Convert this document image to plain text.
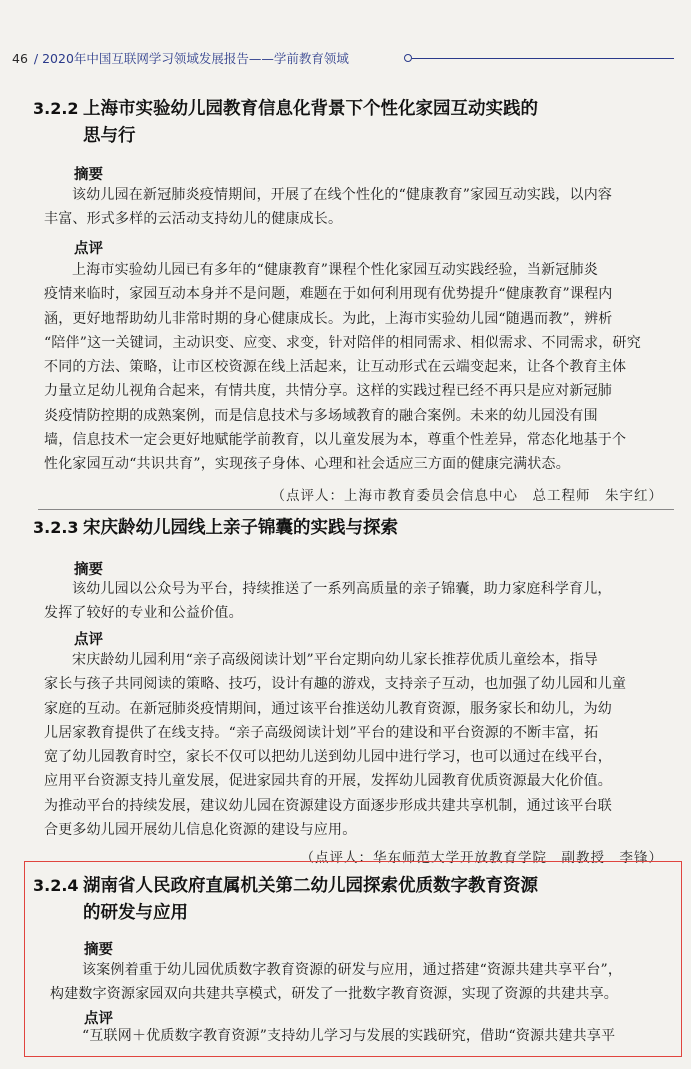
46 / 2020年中国互联网学习领域发展报告——学前教育领域
3.2.2 上海市实验幼儿园教育信息化背景下个性化家园互动实践的
思与行
摘要
该幼儿园在新冠肺炎疫情期间，开展了在线个性化的“健康教育”家园互动实践，以内容
丰富、形式多样的云活动支持幼儿的健康成长。
点评
上海市实验幼儿园已有多年的“健康教育”课程个性化家园互动实践经验，当新冠肺炎
疫情来临时，家园互动本身并不是问题，难题在于如何利用现有优势提升“健康教育”课程内
涵，更好地帮助幼儿非常时期的身心健康成长。为此，上海市实验幼儿园“随遇而教”，辨析
“陪伴”这一关键词，主动识变、应变、求变，针对陪伴的相同需求、相似需求、不同需求，研究
不同的方法、策略，让市区校资源在线上活起来，让互动形式在云端变起来，让各个教育主体
力量立足幼儿视角合起来，有情共度，共情分享。这样的实践过程已经不再只是应对新冠肺
炎疫情防控期的成熟案例，而是信息技术与多场域教育的融合案例。未来的幼儿园没有围
墙，信息技术一定会更好地赋能学前教育，以儿童发展为本，尊重个性差异，常态化地基于个
性化家园互动“共识共育”，实现孩子身体、心理和社会适应三方面的健康完满状态。
（点评人：上海市教育委员会信息中心　总工程师　朱宇红）
3.2.3 宋庆龄幼儿园线上亲子锦囊的实践与探索
摘要
该幼儿园以公众号为平台，持续推送了一系列高质量的亲子锦囊，助力家庭科学育儿，
发挥了较好的专业和公益价值。
点评
宋庆龄幼儿园利用“亲子高级阅读计划”平台定期向幼儿家长推荐优质儿童绘本，指导
家长与孩子共同阅读的策略、技巧，设计有趣的游戏，支持亲子互动，也加强了幼儿园和儿童
家庭的互动。在新冠肺炎疫情期间，通过该平台推送幼儿教育资源，服务家长和幼儿，为幼
儿居家教育提供了在线支持。“亲子高级阅读计划”平台的建设和平台资源的不断丰富，拓
宽了幼儿园教育时空，家长不仅可以把幼儿送到幼儿园中进行学习，也可以通过在线平台，
应用平台资源支持儿童发展，促进家园共育的开展，发挥幼儿园教育优质资源最大化价值。
为推动平台的持续发展，建议幼儿园在资源建设方面逐步形成共建共享机制，通过该平台联
合更多幼儿园开展幼儿信息化资源的建设与应用。
（点评人：华东师范大学开放教育学院　副教授　李锋）
3.2.4 湖南省人民政府直属机关第二幼儿园探索优质数字教育资源
的研发与应用
摘要
该案例着重于幼儿园优质数字教育资源的研发与应用，通过搭建“资源共建共享平台”，
构建数字资源家园双向共建共享模式，研发了一批数字教育资源，实现了资源的共建共享。
点评
“互联网＋优质数字教育资源”支持幼儿学习与发展的实践研究，借助“资源共建共享平
